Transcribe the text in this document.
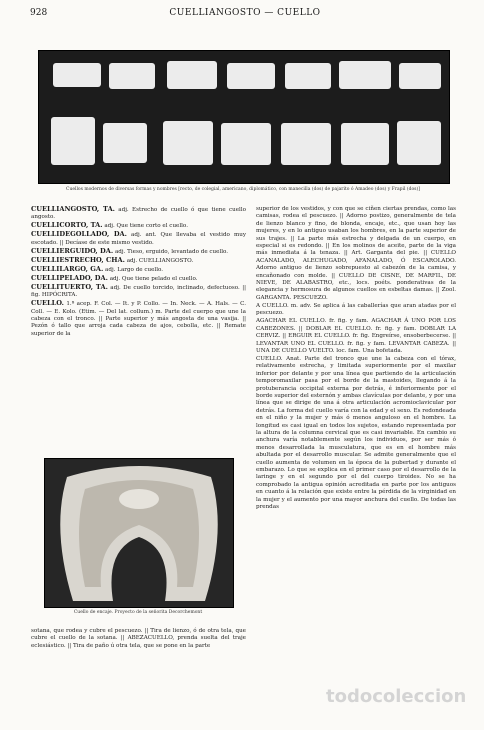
928	CUELLIANGOSTO — CUELLO
Cuellos modernos de diversas formas y nombres [recto, de colegial, americano, diplomático, con manecilla (dos) de pajarito ó Amadeo (dos) y Frapil (dos)]

CUELLIANGOSTO, TA. adj. Estrecho de cuello ó que tiene cuello angosto.

CUELLICORTO, TA. adj. Que tiene corto el cuello.

CUELLIDEGOLLADO, DA. adj. ant. Que llevaba el vestido muy escotado. || Decíase de este mismo vestido.

CUELLIERGUIDO, DA. adj. Tieso, erguido, levantado de cuello.

CUELLIESTRECHO, CHA. adj. CUELLIANGOSTO.

CUELLILARGO, GA. adj. Largo de cuello.

CUELLIPELADO, DA. adj. Que tiene pelado el cuello.

CUELLITUERTO, TA. adj. De cuello torcido, inclinado, defectuoso. || fig. HIPÓCRITA.

CUELLO. 1.ª acep. F. Col. — It. y P. Collo. — In. Neck. — A. Hals. — C. Coll. — E. Kolo. (Etim. — Del lat. collum.) m. Parte del cuerpo que une la cabeza con el tronco. || Parte superior y más angosta de una vasija. || Pezón ó tallo que arroja cada cabeza de ajos, cebolla, etc. || Remate superior de la

Cuello de encaje. Proyecto de la señorita Decorchemont

superior de los vestidos, y con que se ciñen ciertas prendas, como las camisas, rodea el pescuezo. || Adorno postizo, generalmente de tela de lienzo blanco y fino, de blonda, encaje, etc., que usan hoy las mujeres, y en lo antiguo usaban los hombres, en la parte superior de sus trajes. || La parte más estrecha y delgada de un cuerpo, en especial si es redondo. || En los molinos de aceite, parte de la viga más inmediata á la tenaza. || Art. Garganta del pie. || CUELLO ACANALADO, ALECHUGADO, AFANALADO, Ó ESCAROLADO. Adorno antiguo de lienzo sobrepuesto al cabezón de la camisa, y encañonado con molde. || CUELLO DE CISNE, DE MARFIL, DE NIEVE, DE ALABASTRO, etc., locs. poéts. ponderativas de la elegancia y hermosura de algunos cuellos en esbeltas damas. || Zool. GARGANTA. PESCUEZO.

A CUELLO. m. adv. Se aplica á las caballerías que aran atadas por el pescuezo.

AGACHAR EL CUELLO. fr. fig. y fam. AGACHAR Á UNO POR LOS CABEZONES. || DOBLAR EL CUELLO. fr. fig. y fam. DOBLAR LA CERVIZ. || ERGUIR EL CUELLO. fr. fig. Engreírse, ensoberbecerse. || LEVANTAR UNO EL CUELLO. fr. fig. y fam. LEVANTAR CABEZA. || UNA DE CUELLO VUELTO. loc. fam. Una bofetada.

CUELLO. Anat. Parte del tronco que une la cabeza con el tórax, relativamente estrecha, y limitada superiormente por el maxilar inferior por delante y por una línea que partiendo de la articulación temporomaxilar pasa por el borde de la mastoides, llegando á la protuberancia occipital externa por detrás, é inferiormente por el borde superior del esternón y ambas clavículas por delante, y por una línea que se dirige de una á otra articulación acromioclavicular por detrás. La forma del cuello varía con la edad y el sexo. Es redondeada en el niño y la mujer y más ó menos anguloso en el hombre. La longitud es casi igual en todos los sujetos, estando representada por la altura de la columna cervical que es casi invariable. En cambio su anchura varía notablemente según los individuos, por ser más ó menos desarrollada la musculatura, que es en el hombre más abultada por el desarrollo muscular. Se admite generalmente que el cuello aumenta de volumen en la época de la pubertad y durante el embarazo. Lo que se explica en el primer caso por el desarrollo de la laringe y en el segundo por el del cuerpo tiroides. No se ha comprobado la antigua opinión acreditada en parte por los antiguos en cuanto á la relación que existe entre la pérdida de la virginidad en la mujer y el aumento por una mayor anchura del cuello. De todas las prendas

sotana, que rodea y cubre el pescuezo. || Tira de lienzo, ó de otra tela, que cubre el cuello de la sotana. || ABEZACUELLO, prenda suelta del traje eclesiástico. || Tira de paño ú otra tela, que se pone en la parte

todocoleccion
